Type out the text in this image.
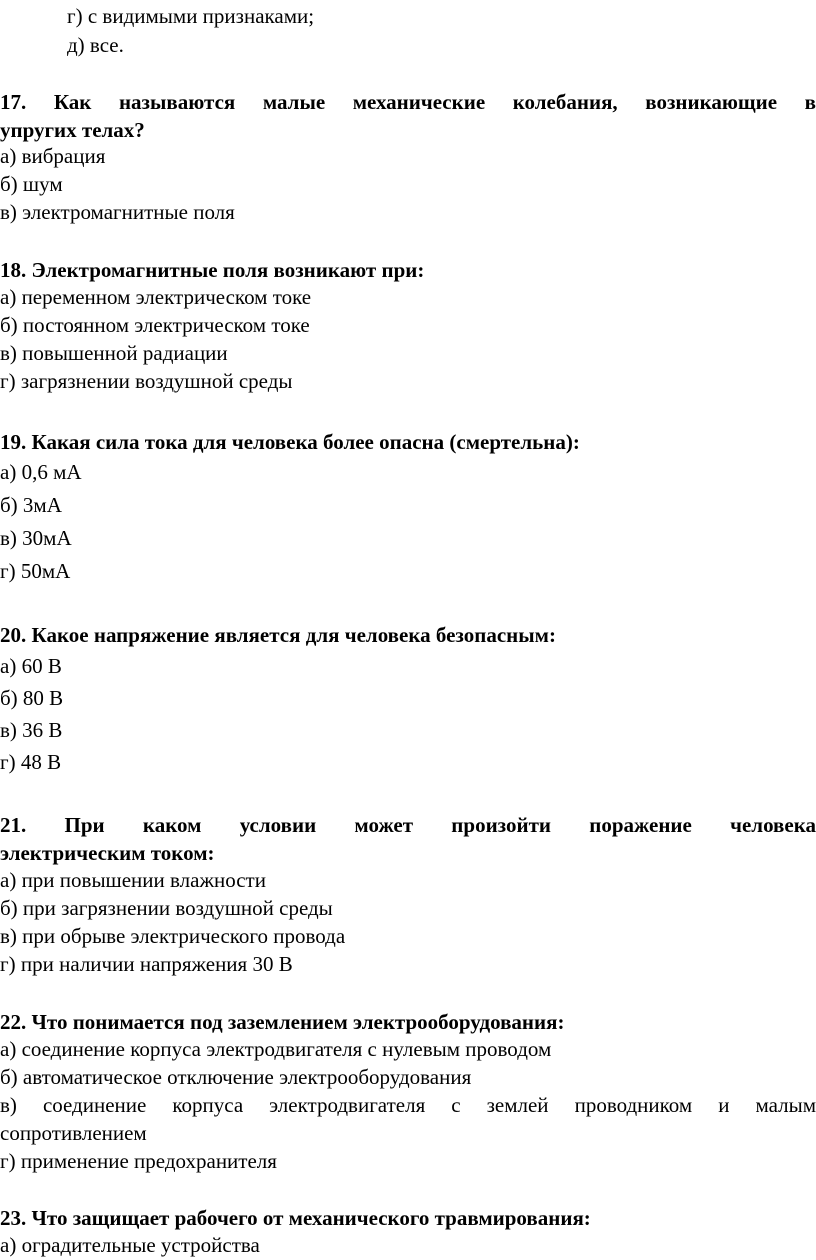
г) с видимыми признаками;
д) все.
17. Как называются малые механические колебания, возникающие в
упругих телах?
а) вибрация
б) шум
в) электромагнитные поля
18. Электромагнитные поля возникают при:
а) переменном электрическом токе
б) постоянном электрическом токе
в) повышенной радиации
г) загрязнении воздушной среды
19. Какая сила тока для человека более опасна (смертельна):
а) 0,6 мА
б) 3мА
в) 30мА
г) 50мА
20. Какое напряжение является для человека безопасным:
а) 60 В
б) 80 В
в) 36 В
г) 48 В
21. При каком условии может произойти поражение человека
электрическим током:
а) при повышении влажности
б) при загрязнении воздушной среды
в) при обрыве электрического провода
г) при наличии напряжения 30 В
22. Что понимается под заземлением электрооборудования:
а) соединение корпуса электродвигателя с нулевым проводом
б) автоматическое отключение электрооборудования
в) соединение корпуса электродвигателя с землей проводником и малым
сопротивлением
г) применение предохранителя
23. Что защищает рабочего от механического травмирования:
а) оградительные устройства
